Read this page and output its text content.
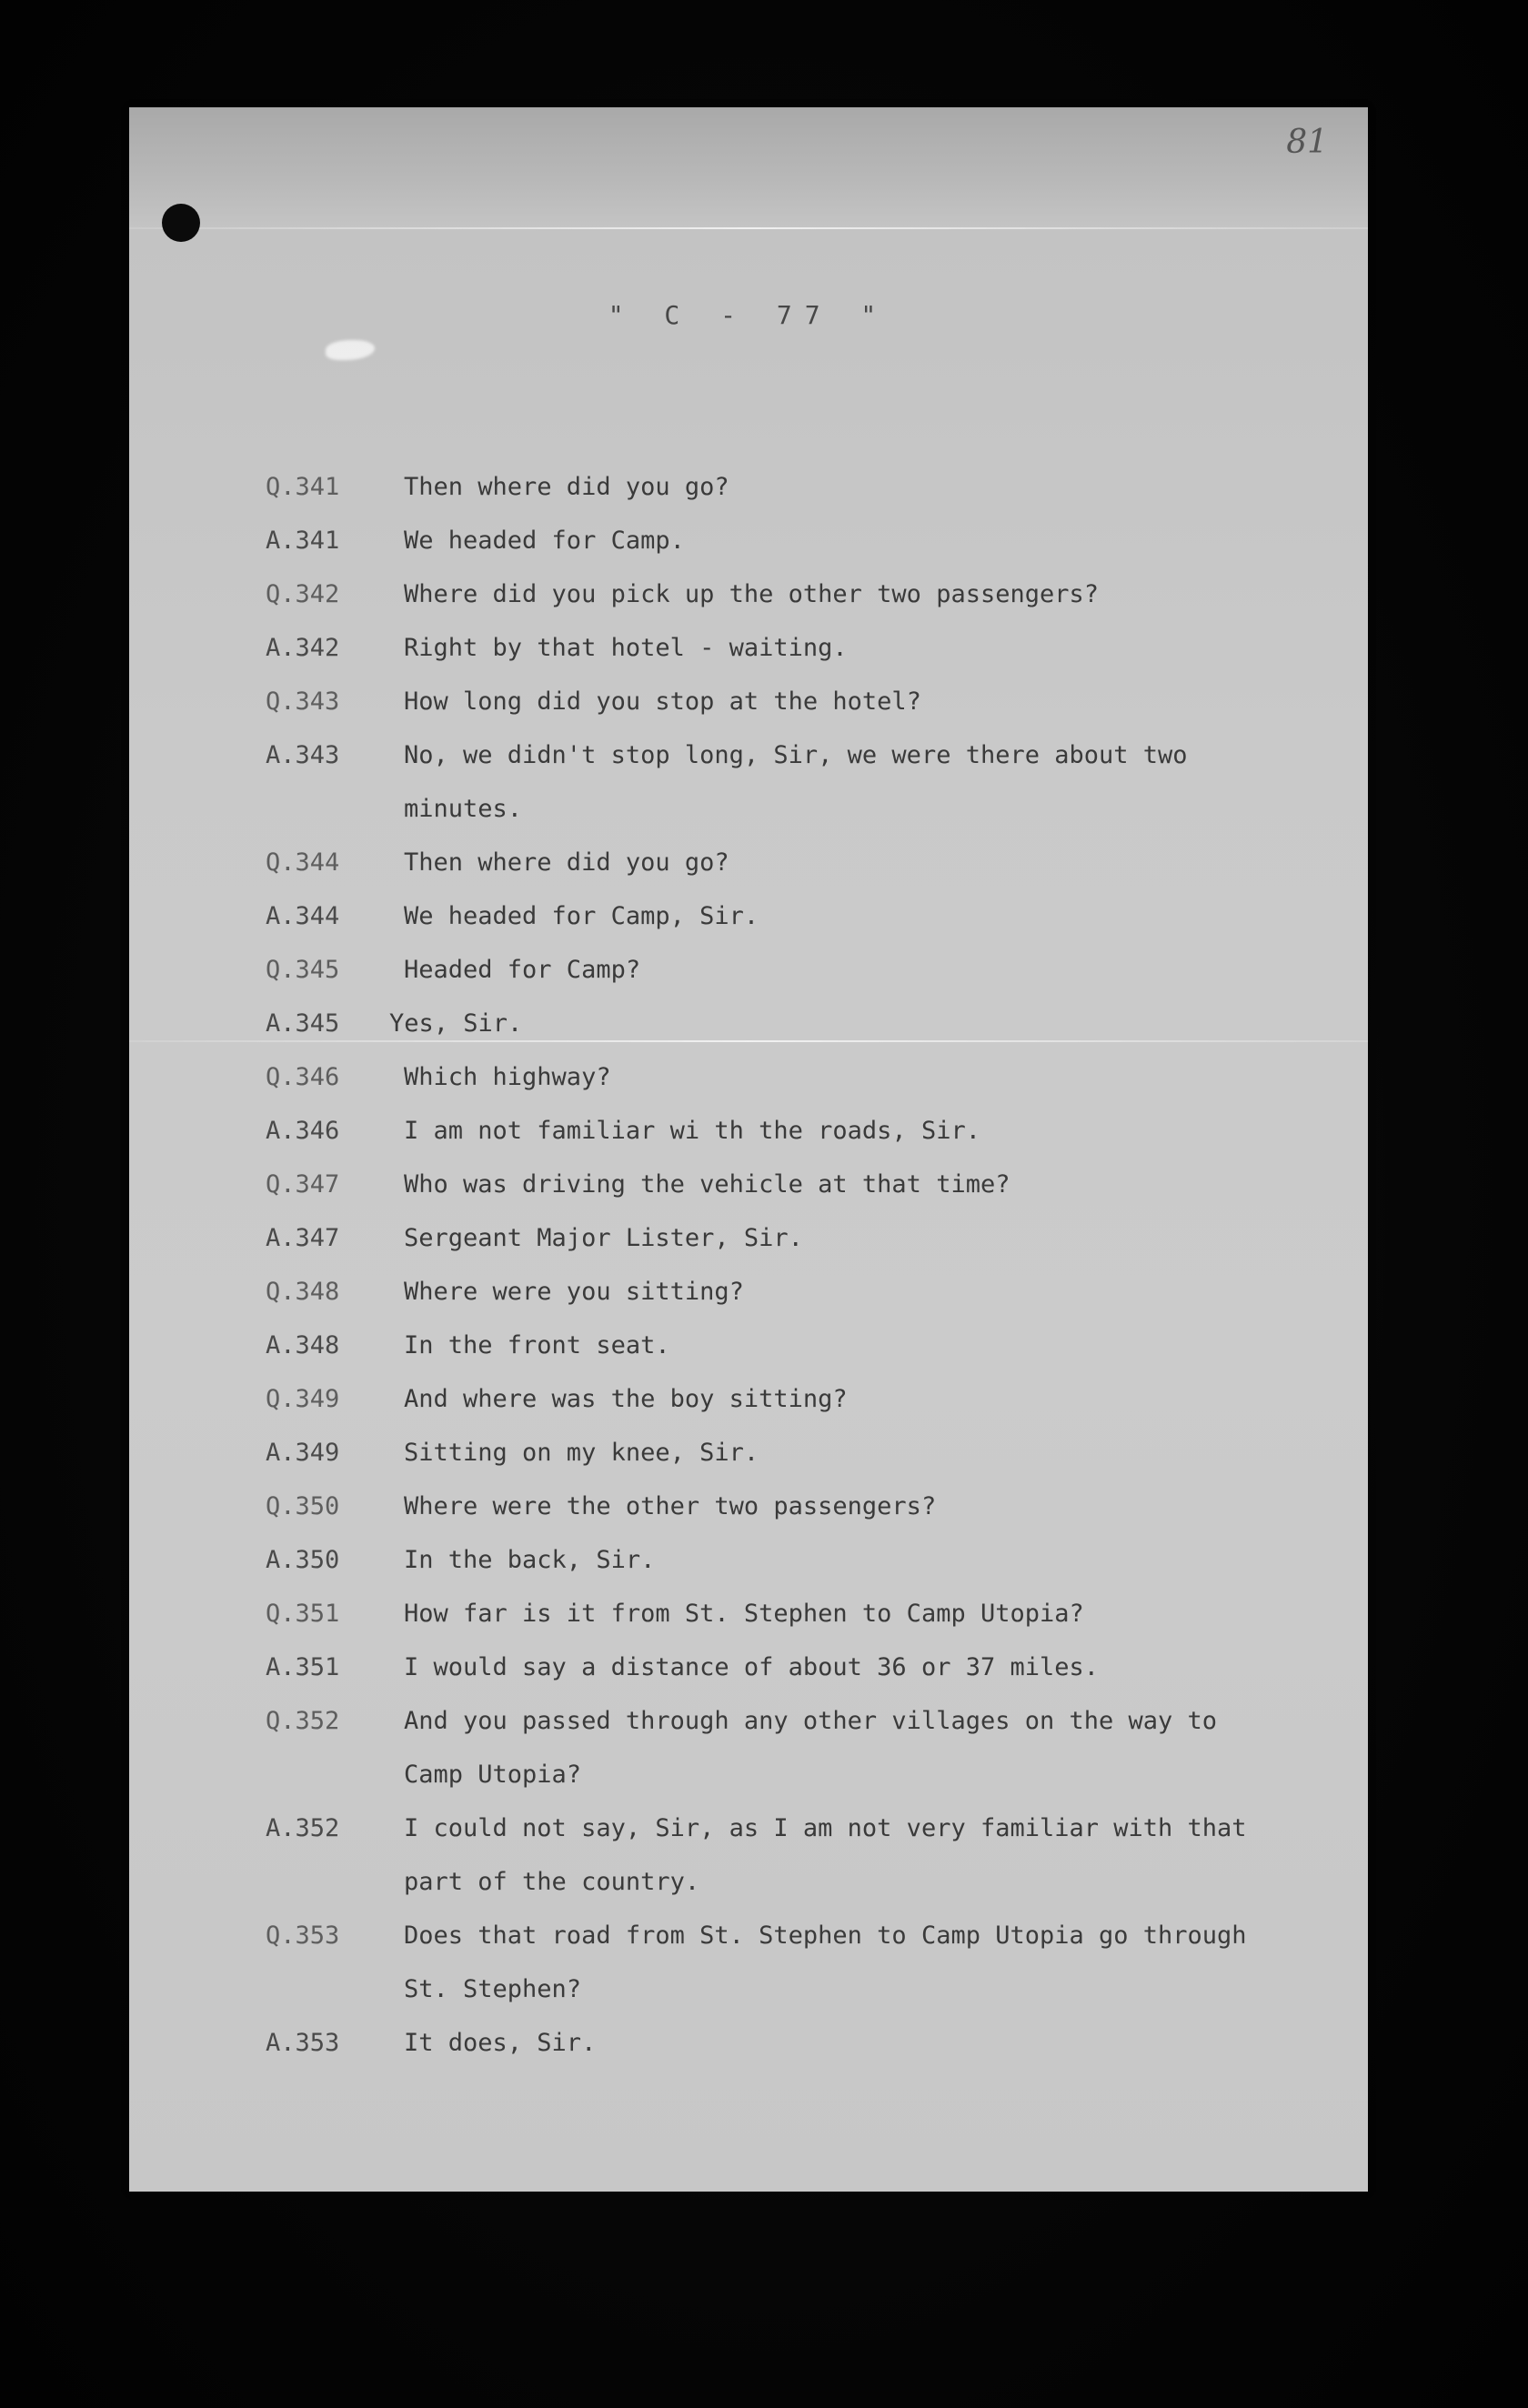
81
" C - 77 "
Q.341	Then where did you go?
A.341	We headed for Camp.
Q.342	Where did you pick up the other two passengers?
A.342	Right by that hotel - waiting.
Q.343	How long did you stop at the hotel?
A.343	No, we didn't stop long, Sir, we were there about two
minutes.
Q.344	Then where did you go?
A.344	We headed for Camp, Sir.
Q.345	Headed for Camp?
A.345	Yes, Sir.
Q.346	Which highway?
A.346	I am not familiar wi th the roads, Sir.
Q.347	Who was driving the vehicle at that time?
A.347	Sergeant Major Lister, Sir.
Q.348	Where were you sitting?
A.348	In the front seat.
Q.349	And where was the boy sitting?
A.349	Sitting on my knee, Sir.
Q.350	Where were the other two passengers?
A.350	In the back, Sir.
Q.351	How far is it from St. Stephen to Camp Utopia?
A.351	I would say a distance of about 36 or 37 miles.
Q.352	And you passed through any other villages on the way to
Camp Utopia?
A.352	I could not say, Sir, as I am not very familiar with that
part of the country.
Q.353	Does that road from St. Stephen to Camp Utopia go through
St. Stephen?
A.353	It does, Sir.
